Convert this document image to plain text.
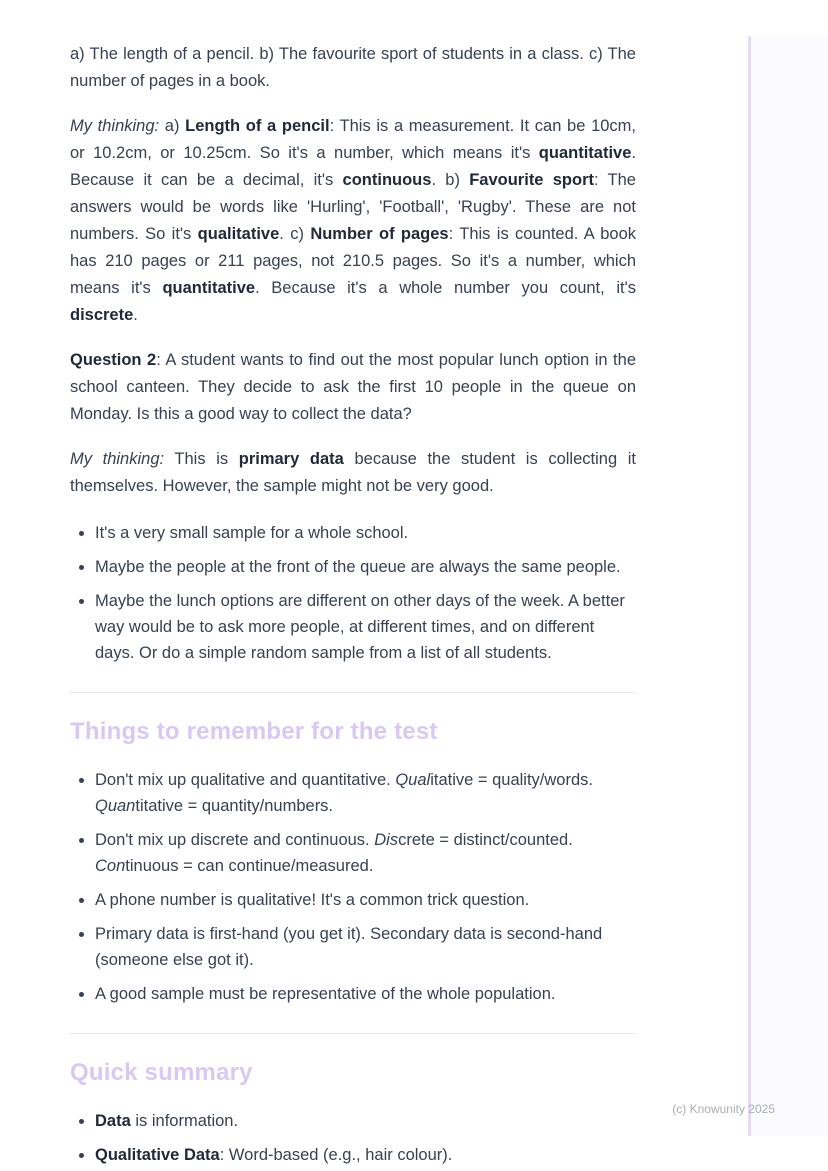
a) The length of a pencil. b) The favourite sport of students in a class. c) The number of pages in a book.

My thinking: a) Length of a pencil: This is a measurement. It can be 10cm, or 10.2cm, or 10.25cm. So it's a number, which means it's quantitative. Because it can be a decimal, it's continuous. b) Favourite sport: The answers would be words like 'Hurling', 'Football', 'Rugby'. These are not numbers. So it's qualitative. c) Number of pages: This is counted. A book has 210 pages or 211 pages, not 210.5 pages. So it's a number, which means it's quantitative. Because it's a whole number you count, it's discrete.

Question 2: A student wants to find out the most popular lunch option in the school canteen. They decide to ask the first 10 people in the queue on Monday. Is this a good way to collect the data?

My thinking: This is primary data because the student is collecting it themselves. However, the sample might not be very good.

• It's a very small sample for a whole school.
• Maybe the people at the front of the queue are always the same people.
• Maybe the lunch options are different on other days of the week. A better way would be to ask more people, at different times, and on different days. Or do a simple random sample from a list of all students.
Things to remember for the test
• Don't mix up qualitative and quantitative. Qualitative = quality/words. Quantitative = quantity/numbers.
• Don't mix up discrete and continuous. Discrete = distinct/counted. Continuous = can continue/measured.
• A phone number is qualitative! It's a common trick question.
• Primary data is first-hand (you get it). Secondary data is second-hand (someone else got it).
• A good sample must be representative of the whole population.
Quick summary
• Data is information.
• Qualitative Data: Word-based (e.g., hair colour).
(c) Knowunity 2025
